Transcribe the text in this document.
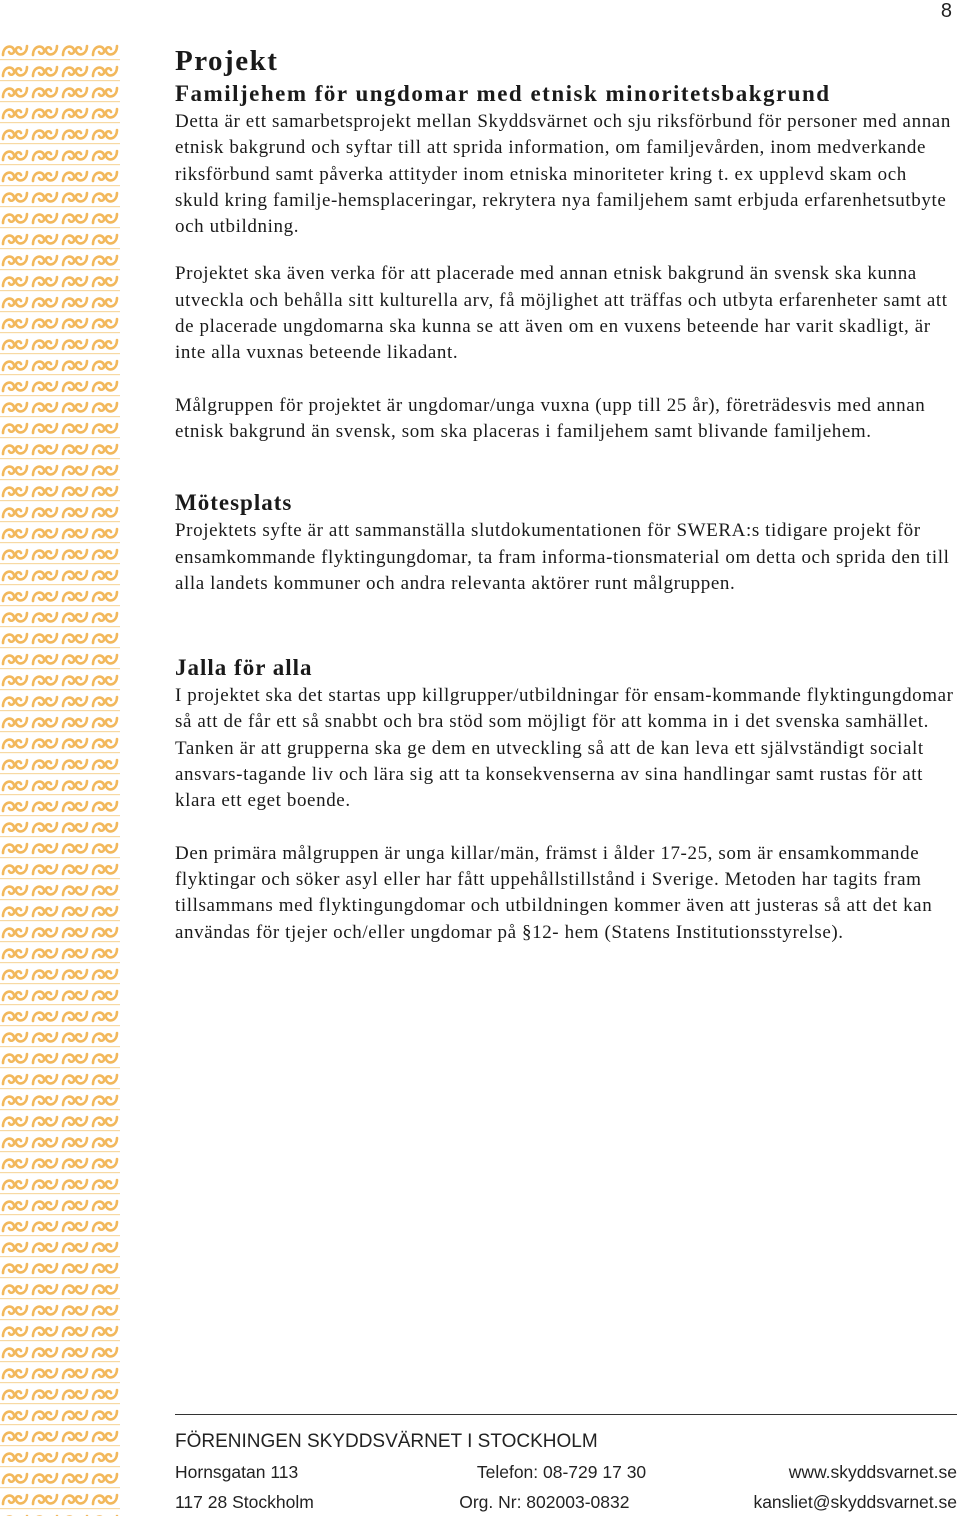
8
Projekt
Familjehem för ungdomar med etnisk minoritetsbakgrund

Detta är ett samarbetsprojekt mellan Skyddsvärnet och sju riksförbund för personer med annan etnisk bakgrund och syftar till att sprida information, om familjevården, inom medverkande riksförbund samt påverka attityder inom etniska minoriteter kring t. ex upplevd skam och skuld kring familje-hemsplaceringar, rekrytera nya familjehem samt erbjuda erfarenhetsutbyte och utbildning.

Projektet ska även verka för att placerade med annan etnisk bakgrund än svensk ska kunna utveckla och behålla sitt kulturella arv, få möjlighet att träffas och utbyta erfarenheter samt att de placerade ungdomarna ska kunna se att även om en vuxens beteende har varit skadligt, är inte alla vuxnas beteende likadant.

Målgruppen för projektet är ungdomar/unga vuxna (upp till 25 år), företrädesvis med annan etnisk bakgrund än svensk, som ska placeras i familjehem samt blivande familjehem.

Mötesplats

Projektets syfte är att sammanställa slutdokumentationen för SWERA:s tidigare projekt för ensamkommande flyktingungdomar, ta fram informa-tionsmaterial om detta och sprida den till alla landets kommuner och andra relevanta aktörer runt målgruppen.

Jalla för alla

I projektet ska det startas upp killgrupper/utbildningar för ensam-kommande flyktingungdomar så att de får ett så snabbt och bra stöd som möjligt för att komma in i det svenska samhället. Tanken är att grupperna ska ge dem en utveckling så att de kan leva ett självständigt socialt ansvars-tagande liv och lära sig att ta konsekvenserna av sina handlingar samt rustas för att klara ett eget boende.

Den primära målgruppen är unga killar/män, främst i ålder 17-25, som är ensamkommande flyktingar och söker asyl eller har fått uppehållstillstånd i Sverige. Metoden har tagits fram tillsammans med flyktingungdomar och utbildningen kommer även att justeras så att det kan användas för tjejer och/eller ungdomar på §12- hem (Statens Institutionsstyrelse).

FÖRENINGEN SKYDDSVÄRNET I STOCKHOLM
Hornsgatan 113	Telefon: 08-729 17 30	www.skyddsvarnet.se
117 28 Stockholm	Org. Nr: 802003-0832	kansliet@skyddsvarnet.se
